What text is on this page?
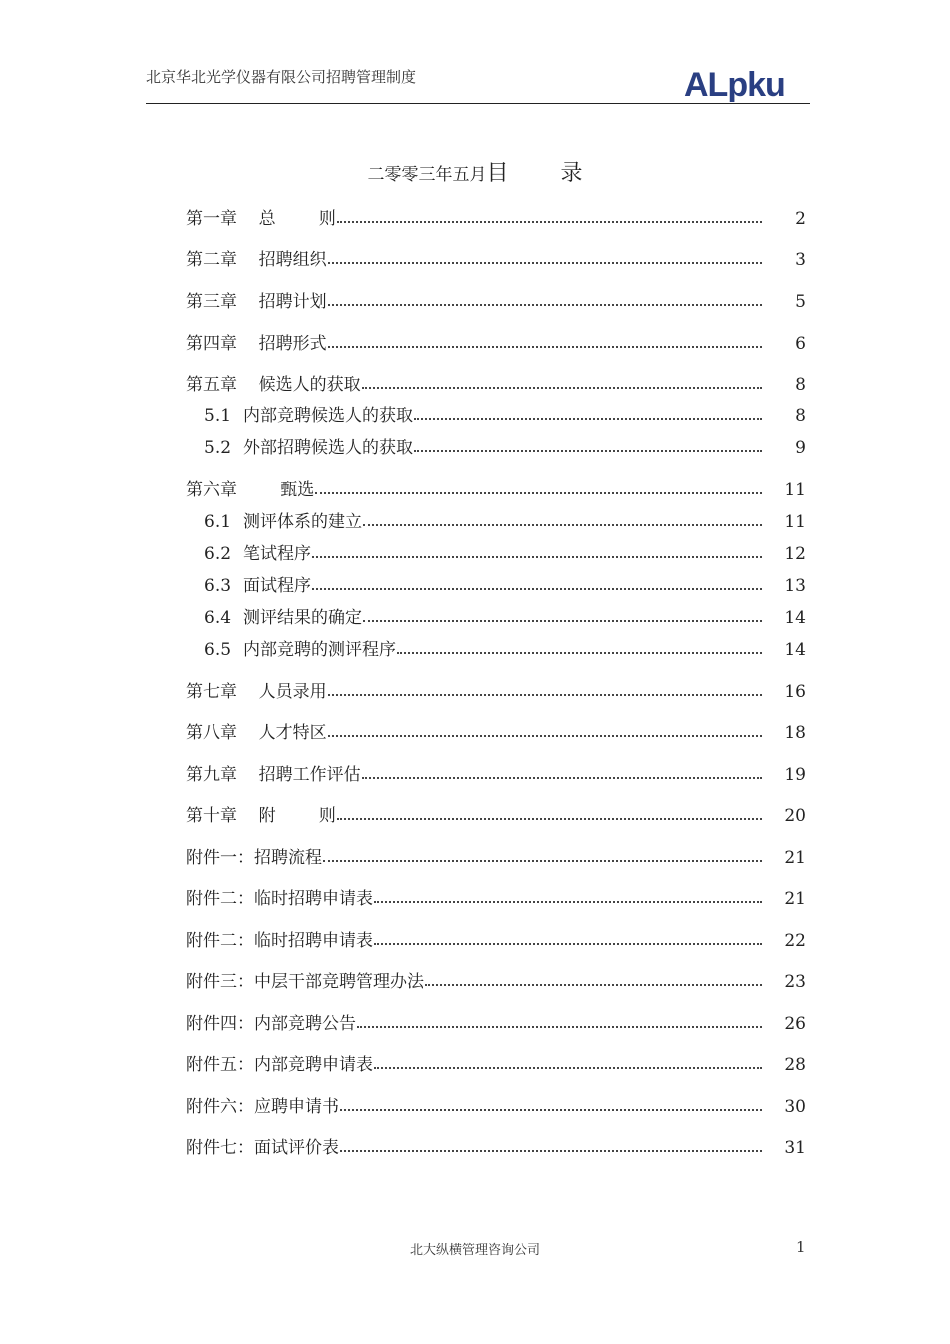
北京华北光学仪器有限公司招聘管理制度	ALpku
二零零三年五月目 录
第一章    总        则	2
第二章    招聘组织	3
第三章    招聘计划	5
第四章    招聘形式	6
第五章    候选人的获取	8
5.1 内部竞聘候选人的获取	8
5.2 外部招聘候选人的获取	9
第六章        甄选	11
6.1 测评体系的建立	11
6.2 笔试程序	12
6.3 面试程序	13
6.4 测评结果的确定	14
6.5 内部竞聘的测评程序	14
第七章    人员录用	16
第八章    人才特区	18
第九章    招聘工作评估	19
第十章    附        则	20
附件一：招聘流程	21
附件二：临时招聘申请表	21
附件二：临时招聘申请表	22
附件三：中层干部竞聘管理办法	23
附件四：内部竞聘公告	26
附件五：内部竞聘申请表	28
附件六：应聘申请书	30
附件七：面试评价表	31
北大纵横管理咨询公司	1
